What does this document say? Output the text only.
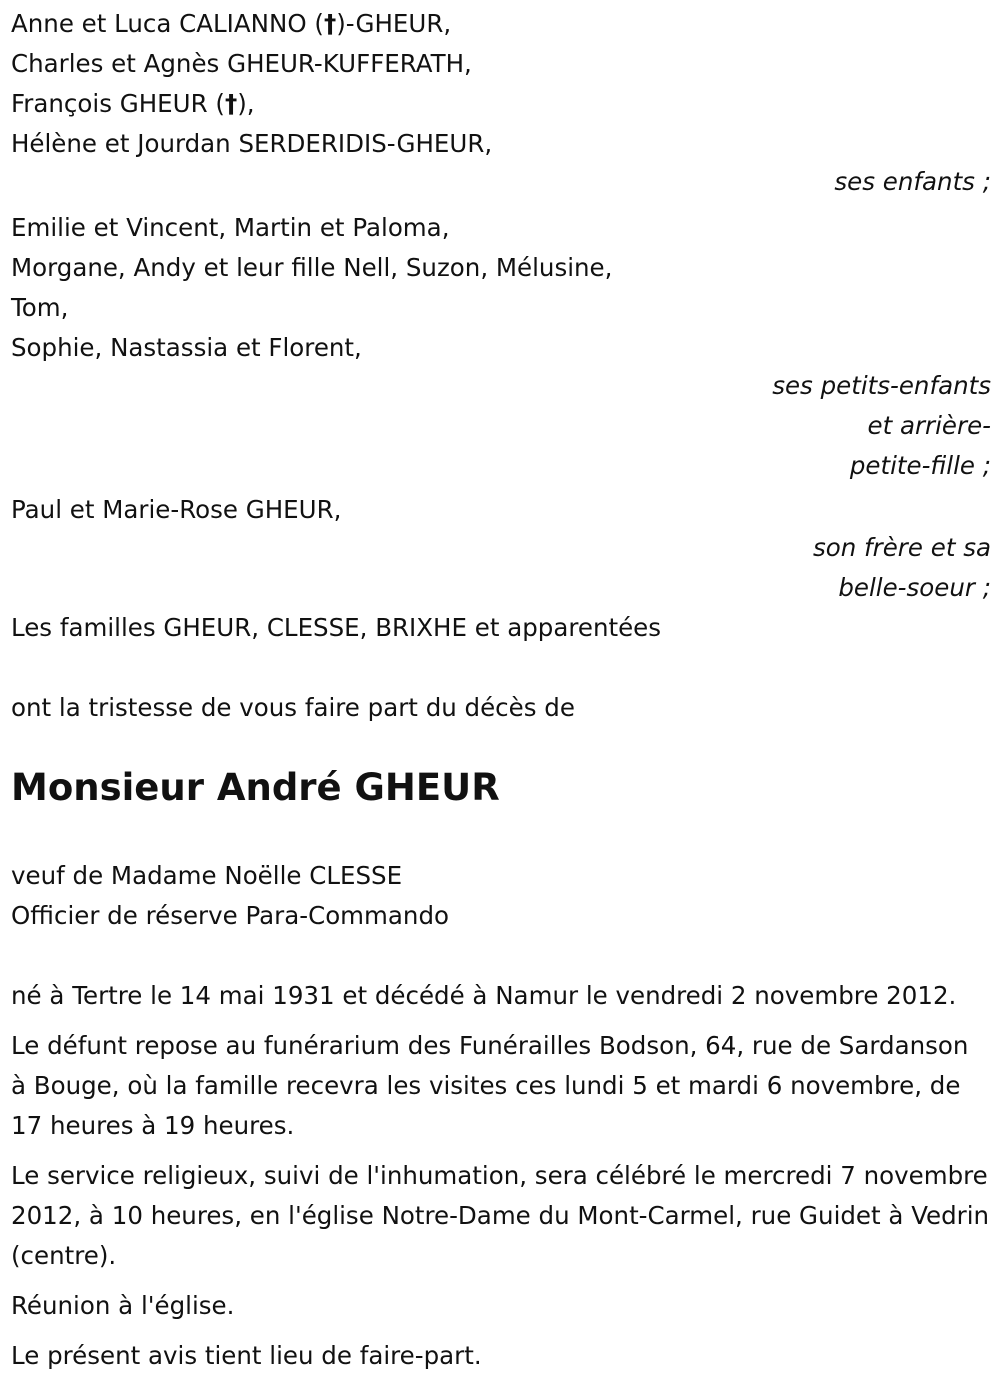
Anne et Luca CALIANNO (†)-GHEUR,
Charles et Agnès GHEUR-KUFFERATH,
François GHEUR (†),
Hélène et Jourdan SERDERIDIS-GHEUR,
ses enfants ;
Emilie et Vincent, Martin et Paloma,
Morgane, Andy et leur fille Nell, Suzon, Mélusine,
Tom,
Sophie, Nastassia et Florent,
ses petits-enfants
et arrière-
petite-fille ;
Paul et Marie-Rose GHEUR,
son frère et sa
belle-soeur ;
Les familles GHEUR, CLESSE, BRIXHE et apparentées
ont la tristesse de vous faire part du décès de
Monsieur André GHEUR
veuf de Madame Noëlle CLESSE
Officier de réserve Para-Commando
né à Tertre le 14 mai 1931 et décédé à Namur le vendredi 2 novembre 2012.
Le défunt repose au funérarium des Funérailles Bodson, 64, rue de Sardanson à Bouge, où la famille recevra les visites ces lundi 5 et mardi 6 novembre, de 17 heures à 19 heures.
Le service religieux, suivi de l'inhumation, sera célébré le mercredi 7 novembre 2012, à 10 heures, en l'église Notre-Dame du Mont-Carmel, rue Guidet à Vedrin (centre).
Réunion à l'église.
Le présent avis tient lieu de faire-part.
